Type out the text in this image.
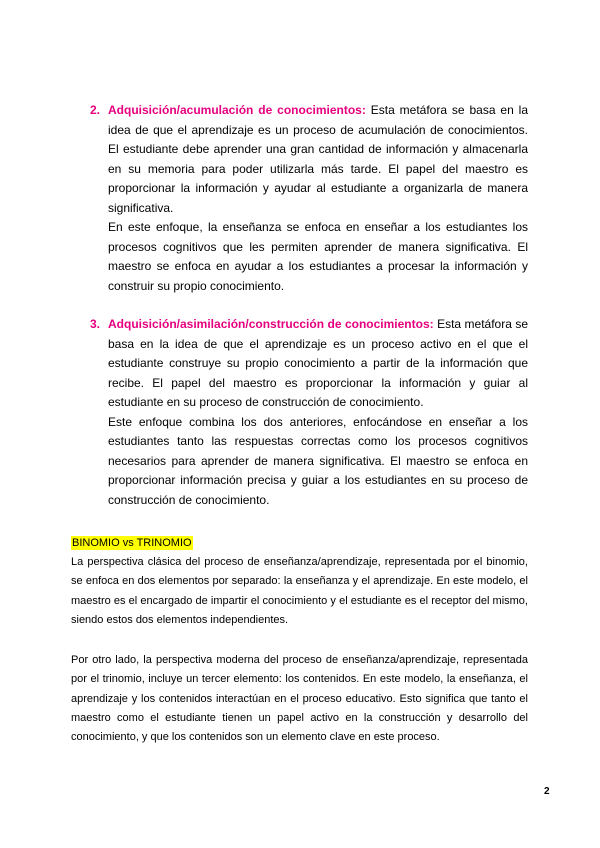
2. Adquisición/acumulación de conocimientos: Esta metáfora se basa en la idea de que el aprendizaje es un proceso de acumulación de conocimientos. El estudiante debe aprender una gran cantidad de información y almacenarla en su memoria para poder utilizarla más tarde. El papel del maestro es proporcionar la información y ayudar al estudiante a organizarla de manera significativa.

En este enfoque, la enseñanza se enfoca en enseñar a los estudiantes los procesos cognitivos que les permiten aprender de manera significativa. El maestro se enfoca en ayudar a los estudiantes a procesar la información y construir su propio conocimiento.

3. Adquisición/asimilación/construcción de conocimientos: Esta metáfora se basa en la idea de que el aprendizaje es un proceso activo en el que el estudiante construye su propio conocimiento a partir de la información que recibe. El papel del maestro es proporcionar la información y guiar al estudiante en su proceso de construcción de conocimiento.

Este enfoque combina los dos anteriores, enfocándose en enseñar a los estudiantes tanto las respuestas correctas como los procesos cognitivos necesarios para aprender de manera significativa. El maestro se enfoca en proporcionar información precisa y guiar a los estudiantes en su proceso de construcción de conocimiento.

BINOMIO vs TRINOMIO

La perspectiva clásica del proceso de enseñanza/aprendizaje, representada por el binomio, se enfoca en dos elementos por separado: la enseñanza y el aprendizaje. En este modelo, el maestro es el encargado de impartir el conocimiento y el estudiante es el receptor del mismo, siendo estos dos elementos independientes.

Por otro lado, la perspectiva moderna del proceso de enseñanza/aprendizaje, representada por el trinomio, incluye un tercer elemento: los contenidos. En este modelo, la enseñanza, el aprendizaje y los contenidos interactúan en el proceso educativo. Esto significa que tanto el maestro como el estudiante tienen un papel activo en la construcción y desarrollo del conocimiento, y que los contenidos son un elemento clave en este proceso.

2
